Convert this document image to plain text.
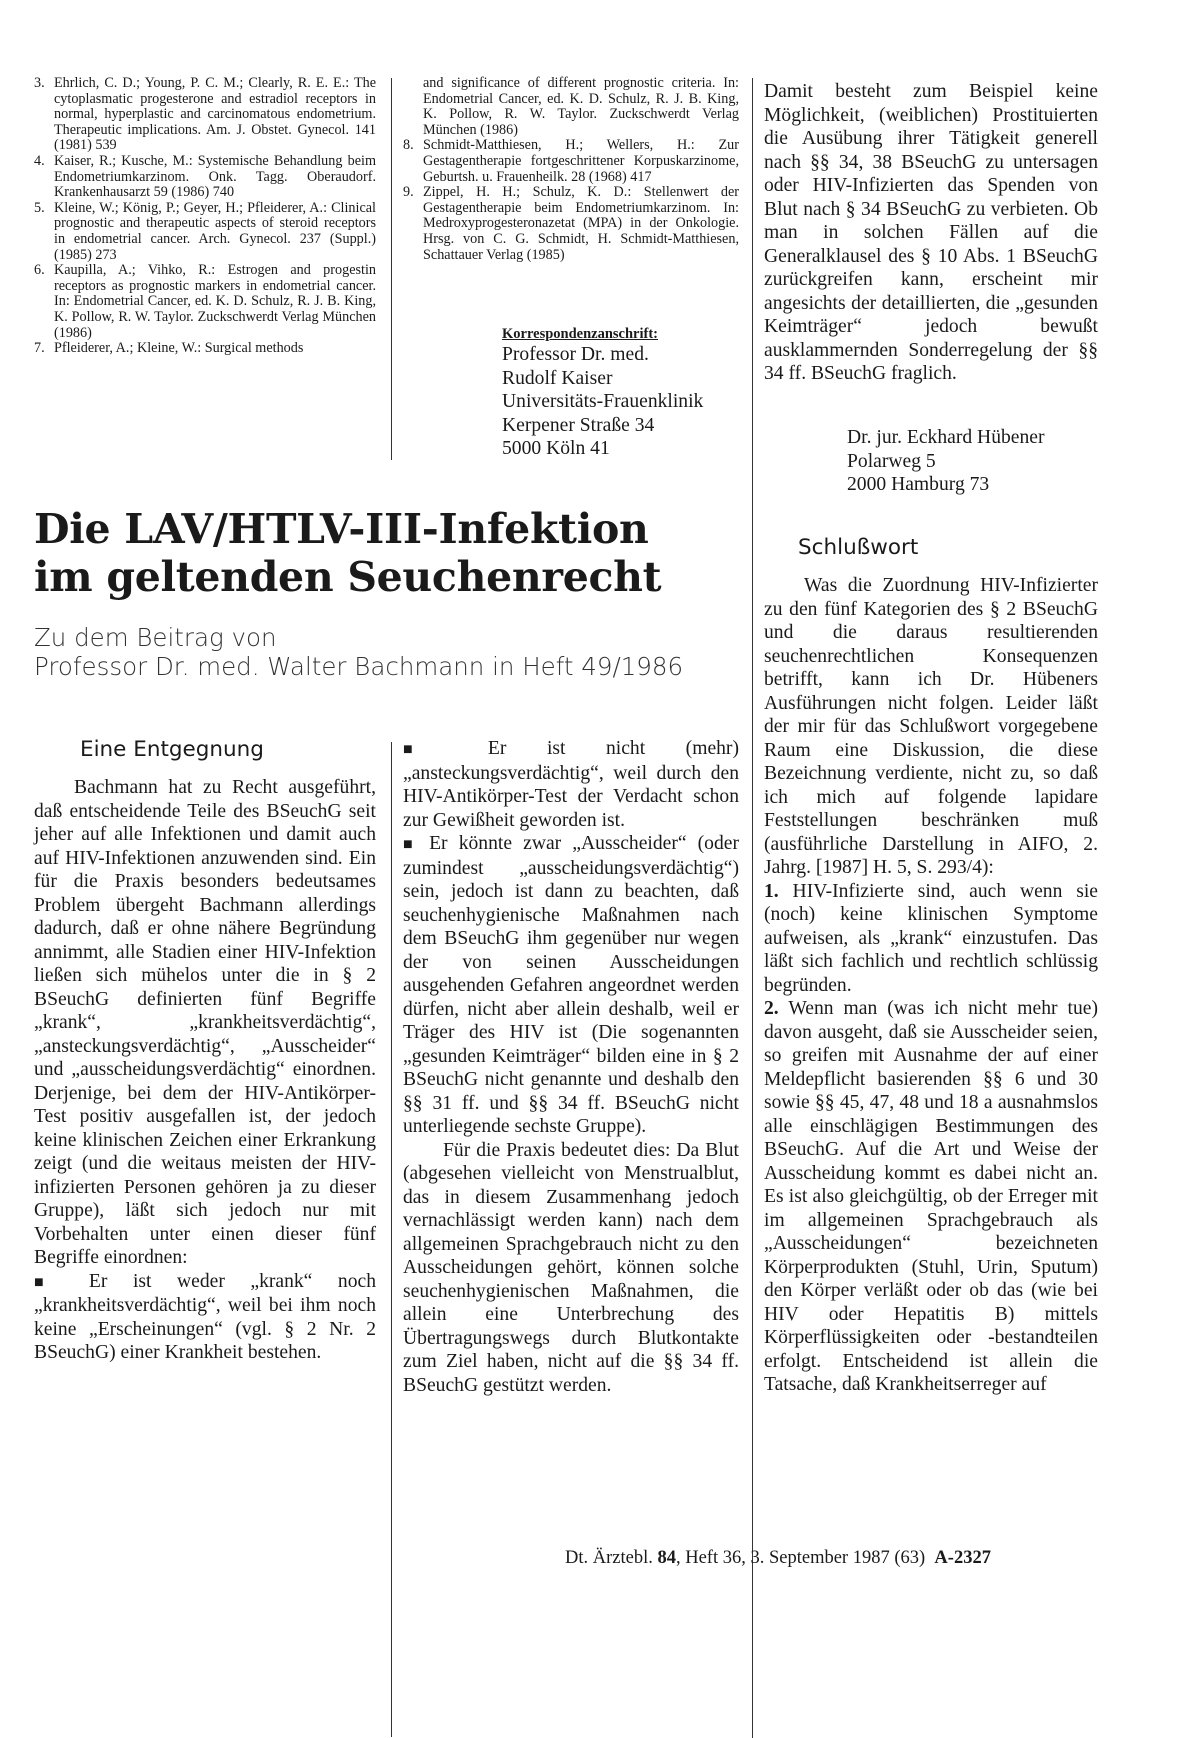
3. Ehrlich, C. D.; Young, P. C. M.; Clearly, R. E. E.: The cytoplasmatic progesterone and estradiol receptors in normal, hyperplastic and carcinomatous endometrium. Therapeutic implications. Am. J. Obstet. Gynecol. 141 (1981) 539

4. Kaiser, R.; Kusche, M.: Systemische Behandlung beim Endometriumkarzinom. Onk. Tagg. Oberaudorf. Krankenhausarzt 59 (1986) 740

5. Kleine, W.; König, P.; Geyer, H.; Pfleiderer, A.: Clinical prognostic and therapeutic aspects of steroid receptors in endometrial cancer. Arch. Gynecol. 237 (Suppl.) (1985) 273

6. Kaupilla, A.; Vihko, R.: Estrogen and progestin receptors as prognostic markers in endometrial cancer. In: Endometrial Cancer, ed. K. D. Schulz, R. J. B. King, K. Pollow, R. W. Taylor. Zuckschwerdt Verlag München (1986)

7. Pfleiderer, A.; Kleine, W.: Surgical methods

and significance of different prognostic criteria. In: Endometrial Cancer, ed. K. D. Schulz, R. J. B. King, K. Pollow, R. W. Taylor. Zuckschwerdt Verlag München (1986)

8. Schmidt-Matthiesen, H.; Wellers, H.: Zur Gestagentherapie fortgeschrittener Korpuskarzinome, Geburtsh. u. Frauenheilk. 28 (1968) 417

9. Zippel, H. H.; Schulz, K. D.: Stellenwert der Gestagentherapie beim Endometriumkarzinom. In: Medroxyprogesteronazetat (MPA) in der Onkologie. Hrsg. von C. G. Schmidt, H. Schmidt-Matthiesen, Schattauer Verlag (1985)

Korrespondenzanschrift:
Professor Dr. med.
Rudolf Kaiser
Universitäts-Frauenklinik
Kerpener Straße 34
5000 Köln 41

Damit besteht zum Beispiel keine Möglichkeit, (weiblichen) Prostituierten die Ausübung ihrer Tätigkeit generell nach §§ 34, 38 BSeuchG zu untersagen oder HIV-Infizierten das Spenden von Blut nach § 34 BSeuchG zu verbieten. Ob man in solchen Fällen auf die Generalklausel des § 10 Abs. 1 BSeuchG zurückgreifen kann, erscheint mir angesichts der detaillierten, die „gesunden Keimträger“ jedoch bewußt ausklammernden Sonderregelung der §§ 34 ff. BSeuchG fraglich.

Dr. jur. Eckhard Hübener
Polarweg 5
2000 Hamburg 73
Die LAV/HTLV-III-Infektion
im geltenden Seuchenrecht
Zu dem Beitrag von
Professor Dr. med. Walter Bachmann in Heft 49/1986
Eine Entgegnung

Bachmann hat zu Recht ausgeführt, daß entscheidende Teile des BSeuchG seit jeher auf alle Infektionen und damit auch auf HIV-Infektionen anzuwenden sind. Ein für die Praxis besonders bedeutsames Problem übergeht Bachmann allerdings dadurch, daß er ohne nähere Begründung annimmt, alle Stadien einer HIV-Infektion ließen sich mühelos unter die in § 2 BSeuchG definierten fünf Begriffe „krank“, „krankheitsverdächtig“, „ansteckungsverdächtig“, „Ausscheider“ und „ausscheidungsverdächtig“ einordnen. Derjenige, bei dem der HIV-Antikörper-Test positiv ausgefallen ist, der jedoch keine klinischen Zeichen einer Erkrankung zeigt (und die weitaus meisten der HIV-infizierten Personen gehören ja zu dieser Gruppe), läßt sich jedoch nur mit Vorbehalten unter einen dieser fünf Begriffe einordnen:

■ Er ist weder „krank“ noch „krankheitsverdächtig“, weil bei ihm noch keine „Erscheinungen“ (vgl. § 2 Nr. 2 BSeuchG) einer Krankheit bestehen.

■ Er ist nicht (mehr) „ansteckungsverdächtig“, weil durch den HIV-Antikörper-Test der Verdacht schon zur Gewißheit geworden ist.

■ Er könnte zwar „Ausscheider“ (oder zumindest „ausscheidungsverdächtig“) sein, jedoch ist dann zu beachten, daß seuchenhygienische Maßnahmen nach dem BSeuchG ihm gegenüber nur wegen der von seinen Ausscheidungen ausgehenden Gefahren angeordnet werden dürfen, nicht aber allein deshalb, weil er Träger des HIV ist (Die sogenannten „gesunden Keimträger“ bilden eine in § 2 BSeuchG nicht genannte und deshalb den §§ 31 ff. und §§ 34 ff. BSeuchG nicht unterliegende sechste Gruppe).

Für die Praxis bedeutet dies: Da Blut (abgesehen vielleicht von Menstrualblut, das in diesem Zusammenhang jedoch vernachlässigt werden kann) nach dem allgemeinen Sprachgebrauch nicht zu den Ausscheidungen gehört, können solche seuchenhygienischen Maßnahmen, die allein eine Unterbrechung des Übertragungswegs durch Blutkontakte zum Ziel haben, nicht auf die §§ 34 ff. BSeuchG gestützt werden.

Schlußwort

Was die Zuordnung HIV-Infizierter zu den fünf Kategorien des § 2 BSeuchG und die daraus resultierenden seuchenrechtlichen Konsequenzen betrifft, kann ich Dr. Hübeners Ausführungen nicht folgen. Leider läßt der mir für das Schlußwort vorgegebene Raum eine Diskussion, die diese Bezeichnung verdiente, nicht zu, so daß ich mich auf folgende lapidare Feststellungen beschränken muß (ausführliche Darstellung in AIFO, 2. Jahrg. [1987] H. 5, S. 293/4):

1. HIV-Infizierte sind, auch wenn sie (noch) keine klinischen Symptome aufweisen, als „krank“ einzustufen. Das läßt sich fachlich und rechtlich schlüssig begründen.

2. Wenn man (was ich nicht mehr tue) davon ausgeht, daß sie Ausscheider seien, so greifen mit Ausnahme der auf einer Meldepflicht basierenden §§ 6 und 30 sowie §§ 45, 47, 48 und 18 a ausnahmslos alle einschlägigen Bestimmungen des BSeuchG. Auf die Art und Weise der Ausscheidung kommt es dabei nicht an. Es ist also gleichgültig, ob der Erreger mit im allgemeinen Sprachgebrauch als „Ausscheidungen“ bezeichneten Körperprodukten (Stuhl, Urin, Sputum) den Körper verläßt oder ob das (wie bei HIV oder Hepatitis B) mittels Körperflüssigkeiten oder -bestandteilen erfolgt. Entscheidend ist allein die Tatsache, daß Krankheitserreger auf

Dt. Ärztebl. 84, Heft 36, 3. September 1987 (63) A-2327
